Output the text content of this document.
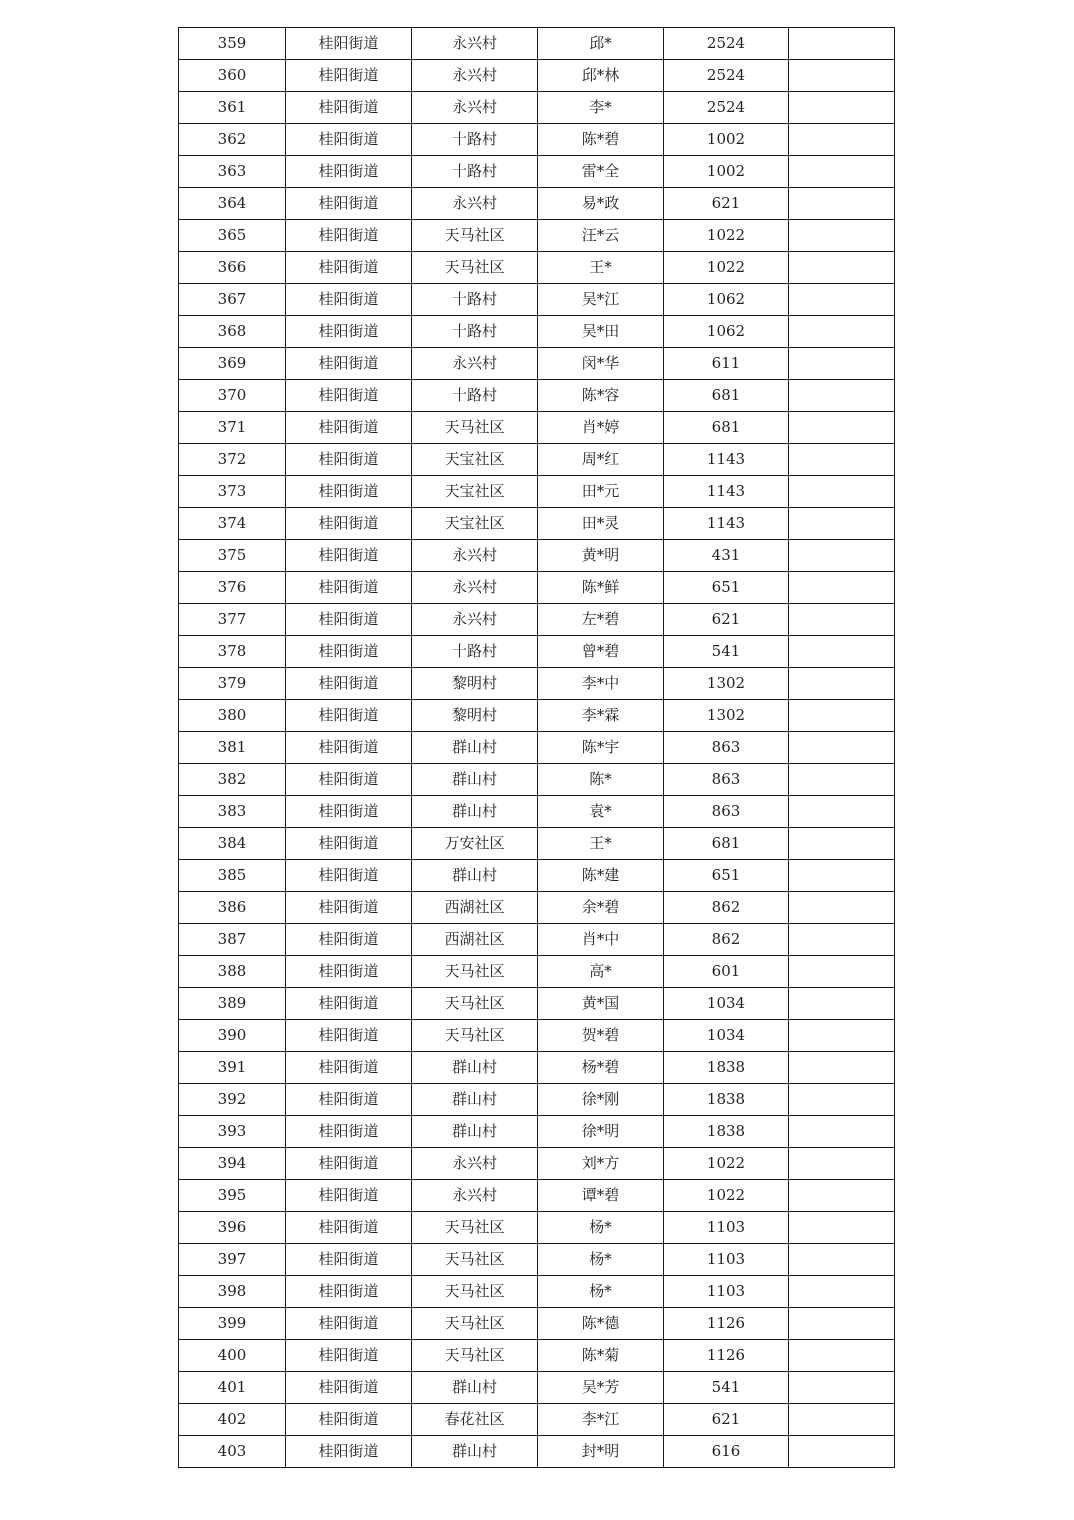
359	桂阳街道	永兴村	邱*	2524	
360	桂阳街道	永兴村	邱*林	2524	
361	桂阳街道	永兴村	李*	2524	
362	桂阳街道	十路村	陈*碧	1002	
363	桂阳街道	十路村	雷*全	1002	
364	桂阳街道	永兴村	易*政	621	
365	桂阳街道	天马社区	汪*云	1022	
366	桂阳街道	天马社区	王*	1022	
367	桂阳街道	十路村	吴*江	1062	
368	桂阳街道	十路村	吴*田	1062	
369	桂阳街道	永兴村	闵*华	611	
370	桂阳街道	十路村	陈*容	681	
371	桂阳街道	天马社区	肖*婷	681	
372	桂阳街道	天宝社区	周*红	1143	
373	桂阳街道	天宝社区	田*元	1143	
374	桂阳街道	天宝社区	田*灵	1143	
375	桂阳街道	永兴村	黄*明	431	
376	桂阳街道	永兴村	陈*鲜	651	
377	桂阳街道	永兴村	左*碧	621	
378	桂阳街道	十路村	曾*碧	541	
379	桂阳街道	黎明村	李*中	1302	
380	桂阳街道	黎明村	李*霖	1302	
381	桂阳街道	群山村	陈*宇	863	
382	桂阳街道	群山村	陈*	863	
383	桂阳街道	群山村	袁*	863	
384	桂阳街道	万安社区	王*	681	
385	桂阳街道	群山村	陈*建	651	
386	桂阳街道	西湖社区	余*碧	862	
387	桂阳街道	西湖社区	肖*中	862	
388	桂阳街道	天马社区	高*	601	
389	桂阳街道	天马社区	黄*国	1034	
390	桂阳街道	天马社区	贺*碧	1034	
391	桂阳街道	群山村	杨*碧	1838	
392	桂阳街道	群山村	徐*刚	1838	
393	桂阳街道	群山村	徐*明	1838	
394	桂阳街道	永兴村	刘*方	1022	
395	桂阳街道	永兴村	谭*碧	1022	
396	桂阳街道	天马社区	杨*	1103	
397	桂阳街道	天马社区	杨*	1103	
398	桂阳街道	天马社区	杨*	1103	
399	桂阳街道	天马社区	陈*德	1126	
400	桂阳街道	天马社区	陈*菊	1126	
401	桂阳街道	群山村	吴*芳	541	
402	桂阳街道	春花社区	李*江	621	
403	桂阳街道	群山村	封*明	616	
